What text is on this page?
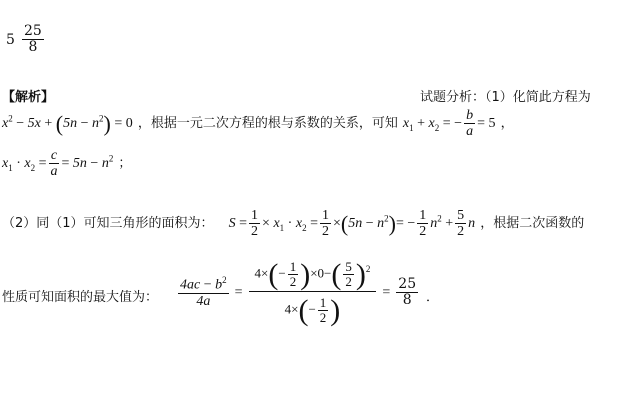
$5 \frac{25}{8}$
【解析】	试题分析：（1）化简此方程为
$x^2 - 5x + (5n - n^2) = 0$ ，根据一元二次方程的根与系数的关系，可知 $x_1 + x_2$ = − $\frac{b}{a} = 5$ ，
$x_1 \cdot x_2 = \frac{c}{a} = 5n - n^2$ ；
（2）同（1）可知三角形的面积为： $S = \frac{1}{2} \times x_1 \cdot x_2 = \frac{1}{2} \times(5n - n^2)= - \frac{1}{2} n^2 + \frac{5}{2}$ n ，根据二次函数的
性质可知面积的最大值为： $\frac{4ac - b^2}{4a}$	=	$\frac{4\times(- \frac{1}{2} )\times 0-( \frac{5}{2} )^2}{4\times(- \frac{1}{2} )}$	=	$\frac{25}{8}$ ．
